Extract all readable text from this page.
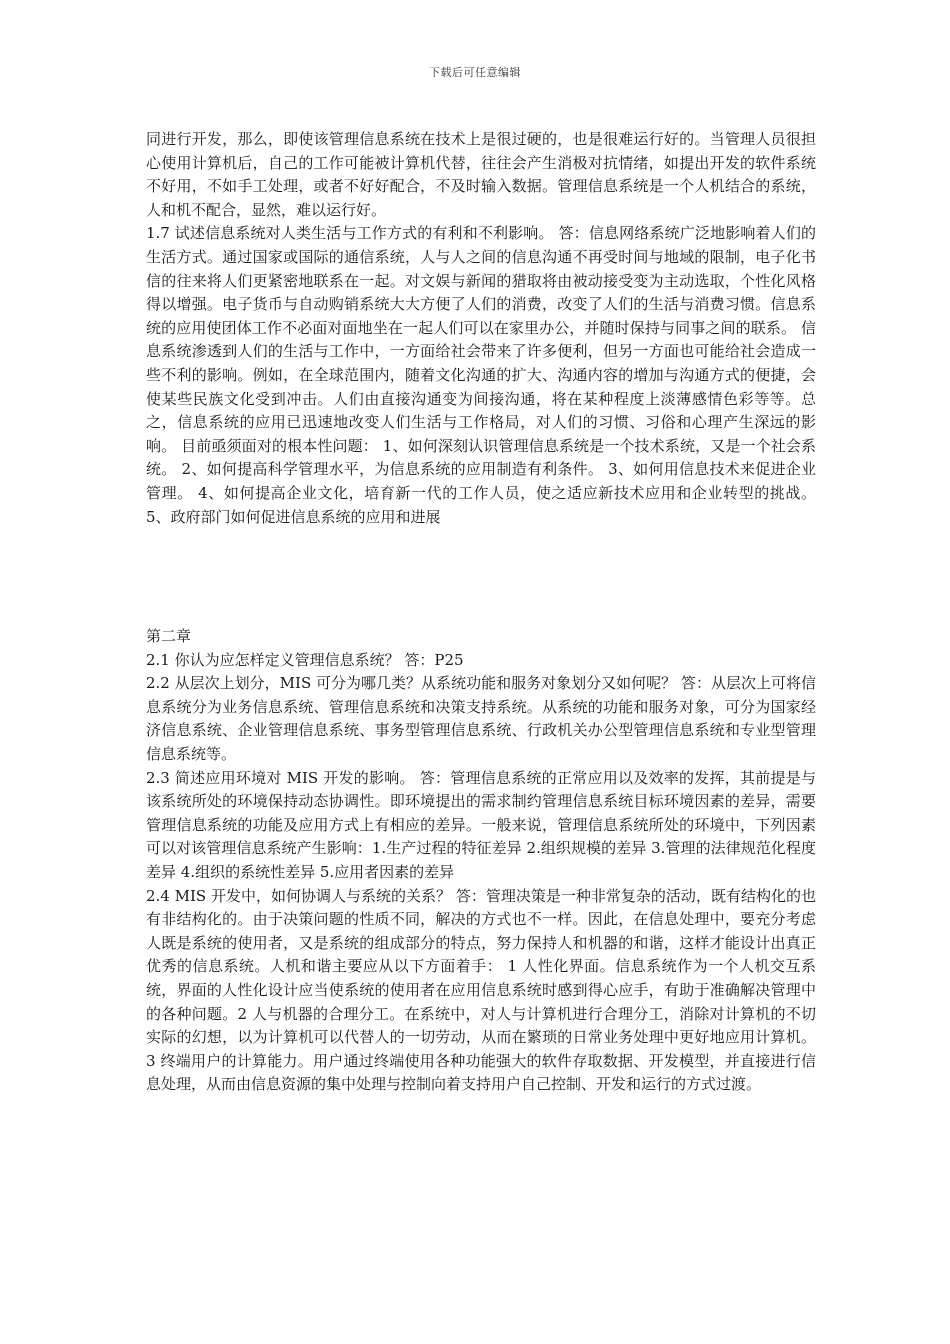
下载后可任意编辑

同进行开发，那么，即使该管理信息系统在技术上是很过硬的，也是很难运行好的。当管理人员很担心使用计算机后，自己的工作可能被计算机代替，往往会产生消极对抗情绪，如提出开发的软件系统不好用，不如手工处理，或者不好好配合，不及时输入数据。管理信息系统是一个人机结合的系统，人和机不配合，显然，难以运行好。

1.7 试述信息系统对人类生活与工作方式的有利和不利影响。 答：信息网络系统广泛地影响着人们的生活方式。通过国家或国际的通信系统，人与人之间的信息沟通不再受时间与地域的限制，电子化书信的往来将人们更紧密地联系在一起。对文娱与新闻的猎取将由被动接受变为主动选取，个性化风格得以增强。电子货币与自动购销系统大大方便了人们的消费，改变了人们的生活与消费习惯。信息系统的应用使团体工作不必面对面地坐在一起人们可以在家里办公，并随时保持与同事之间的联系。 信息系统渗透到人们的生活与工作中，一方面给社会带来了许多便利，但另一方面也可能给社会造成一些不利的影响。例如，在全球范围内，随着文化沟通的扩大、沟通内容的增加与沟通方式的便捷，会使某些民族文化受到冲击。人们由直接沟通变为间接沟通，将在某种程度上淡薄感情色彩等等。总之，信息系统的应用已迅速地改变人们生活与工作格局，对人们的习惯、习俗和心理产生深远的影响。 目前亟须面对的根本性问题： 1、如何深刻认识管理信息系统是一个技术系统，又是一个社会系统。 2、如何提高科学管理水平，为信息系统的应用制造有利条件。 3、如何用信息技术来促进企业管理。 4、如何提高企业文化，培育新一代的工作人员，使之适应新技术应用和企业转型的挑战。 5、政府部门如何促进信息系统的应用和进展

第二章

2.1 你认为应怎样定义管理信息系统？ 答：P25

2.2 从层次上划分，MIS 可分为哪几类？从系统功能和服务对象划分又如何呢？ 答：从层次上可将信息系统分为业务信息系统、管理信息系统和决策支持系统。从系统的功能和服务对象，可分为国家经济信息系统、企业管理信息系统、事务型管理信息系统、行政机关办公型管理信息系统和专业型管理信息系统等。

2.3 简述应用环境对 MIS 开发的影响。 答：管理信息系统的正常应用以及效率的发挥，其前提是与该系统所处的环境保持动态协调性。即环境提出的需求制约管理信息系统目标环境因素的差异，需要管理信息系统的功能及应用方式上有相应的差异。一般来说，管理信息系统所处的环境中，下列因素可以对该管理信息系统产生影响：1.生产过程的特征差异 2.组织规模的差异 3.管理的法律规范化程度差异 4.组织的系统性差异 5.应用者因素的差异

2.4 MIS 开发中，如何协调人与系统的关系？ 答：管理决策是一种非常复杂的活动，既有结构化的也有非结构化的。由于决策问题的性质不同，解决的方式也不一样。因此，在信息处理中，要充分考虑人既是系统的使用者，又是系统的组成部分的特点，努力保持人和机器的和谐，这样才能设计出真正优秀的信息系统。人机和谐主要应从以下方面着手： 1 人性化界面。信息系统作为一个人机交互系统，界面的人性化设计应当使系统的使用者在应用信息系统时感到得心应手，有助于准确解决管理中的各种问题。2 人与机器的合理分工。在系统中，对人与计算机进行合理分工，消除对计算机的不切实际的幻想，以为计算机可以代替人的一切劳动，从而在繁琐的日常业务处理中更好地应用计算机。 3 终端用户的计算能力。用户通过终端使用各种功能强大的软件存取数据、开发模型，并直接进行信息处理，从而由信息资源的集中处理与控制向着支持用户自己控制、开发和运行的方式过渡。
